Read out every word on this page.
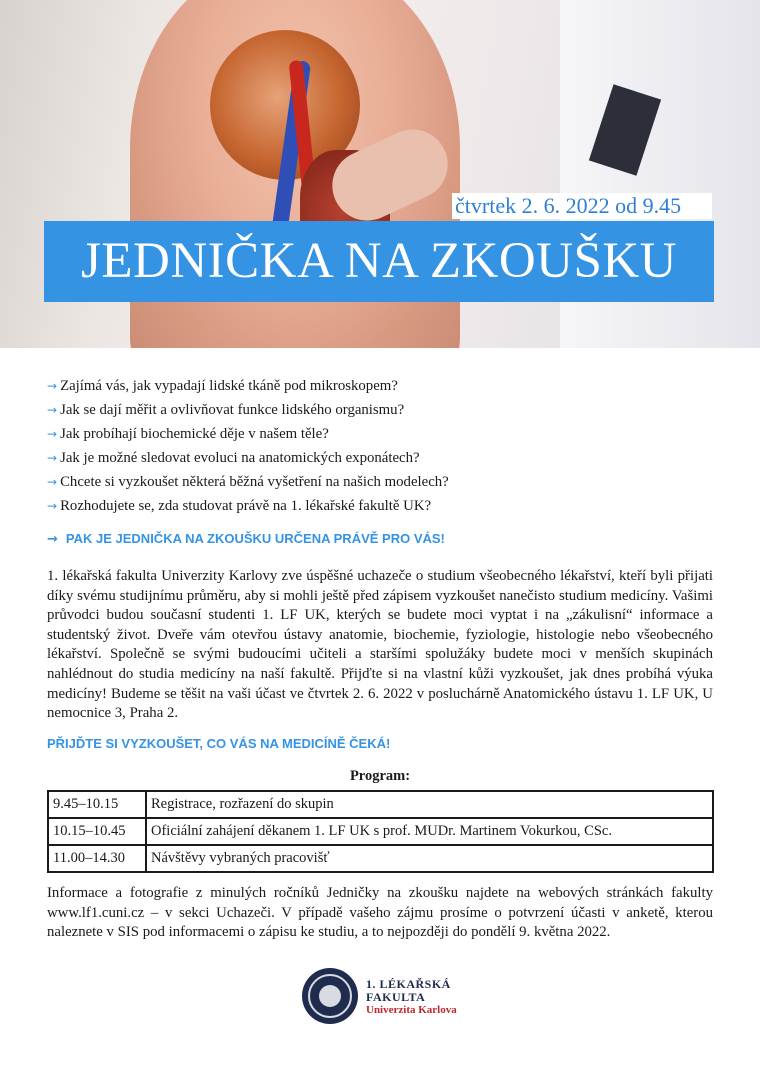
čtvrtek 2. 6. 2022 od 9.45
JEDNIČKA NA ZKOUŠKU
→ Zajímá vás, jak vypadají lidské tkáně pod mikroskopem?
→ Jak se dají měřit a ovlivňovat funkce lidského organismu?
→ Jak probíhají biochemické děje v našem těle?
→ Jak je možné sledovat evoluci na anatomických exponátech?
→ Chcete si vyzkoušet některá běžná vyšetření na našich modelech?
→ Rozhodujete se, zda studovat právě na 1. lékařské fakultě UK?
→ PAK JE JEDNIČKA NA ZKOUŠKU URČENA PRÁVĚ PRO VÁS!

1. lékařská fakulta Univerzity Karlovy zve úspěšné uchazeče o studium všeobecného lékařství, kteří byli přijati díky svému studijnímu průměru, aby si mohli ještě před zápisem vyzkoušet nanečisto studium medicíny. Vašimi průvodci budou současní studenti 1. LF UK, kterých se budete moci vyptat i na „zákulisní“ informace a studentský život. Dveře vám otevřou ústavy anatomie, biochemie, fyziologie, histologie nebo všeobecného lékařství. Společně se svými budoucími učiteli a staršími spolužáky budete moci v menších skupinách nahlédnout do studia medicíny na naší fakultě. Přijďte si na vlastní kůži vyzkoušet, jak dnes probíhá výuka medicíny! Budeme se těšit na vaši účast ve čtvrtek 2. 6. 2022 v posluchárně Anatomického ústavu 1. LF UK, U nemocnice 3, Praha 2.

PŘIJĎTE SI VYZKOUŠET, CO VÁS NA MEDICÍNĚ ČEKÁ!
Program:
9.45–10.15	Registrace, rozřazení do skupin
10.15–10.45	Oficiální zahájení děkanem 1. LF UK s prof. MUDr. Martinem Vokurkou, CSc.
11.00–14.30	Návštěvy vybraných pracovišť

Informace a fotografie z minulých ročníků Jedničky na zkoušku najdete na webových stránkách fakulty www.lf1.cuni.cz – v sekci Uchazeči. V případě vašeho zájmu prosíme o potvrzení účasti v anketě, kterou naleznete v SIS pod informacemi o zápisu ke studiu, a to nejpozději do pondělí 9. května 2022.

1. LÉKAŘSKÁ
FAKULTA
Univerzita Karlova
